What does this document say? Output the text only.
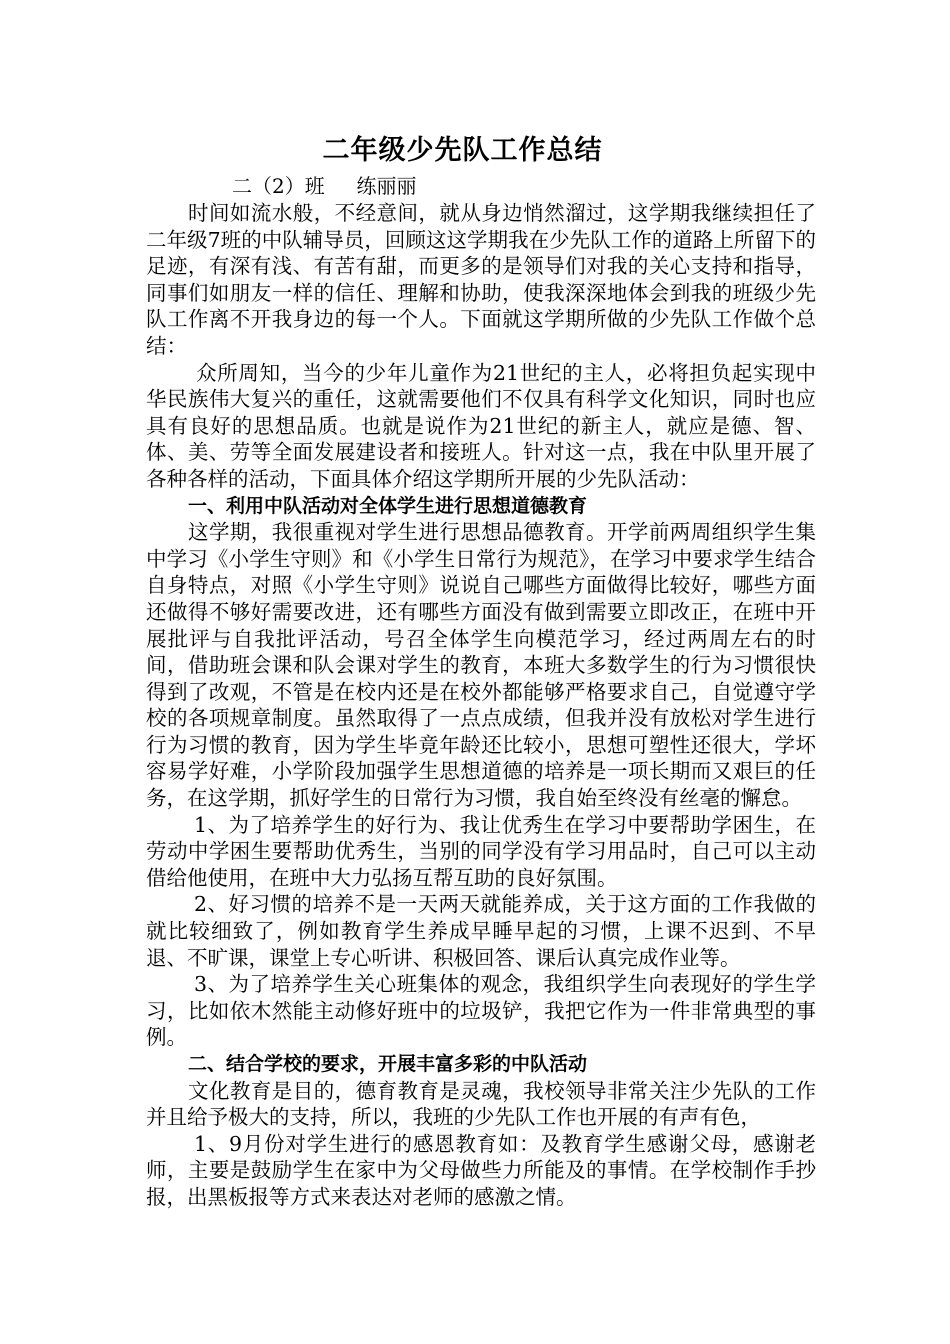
二年级少先队工作总结
二（2）班     练丽丽

时间如流水般，不经意间，就从身边悄然溜过，这学期我继续担任了二年级7班的中队辅导员，回顾这这学期我在少先队工作的道路上所留下的足迹，有深有浅、有苦有甜，而更多的是领导们对我的关心支持和指导，同事们如朋友一样的信任、理解和协助，使我深深地体会到我的班级少先队工作离不开我身边的每一个人。下面就这学期所做的少先队工作做个总结：

众所周知，当今的少年儿童作为21世纪的主人，必将担负起实现中华民族伟大复兴的重任，这就需要他们不仅具有科学文化知识，同时也应具有良好的思想品质。也就是说作为21世纪的新主人，就应是德、智、体、美、劳等全面发展建设者和接班人。针对这一点，我在中队里开展了各种各样的活动，下面具体介绍这学期所开展的少先队活动：

一、利用中队活动对全体学生进行思想道德教育

这学期，我很重视对学生进行思想品德教育。开学前两周组织学生集中学习《小学生守则》和《小学生日常行为规范》，在学习中要求学生结合自身特点，对照《小学生守则》说说自己哪些方面做得比较好，哪些方面还做得不够好需要改进，还有哪些方面没有做到需要立即改正，在班中开展批评与自我批评活动，号召全体学生向模范学习，经过两周左右的时间，借助班会课和队会课对学生的教育，本班大多数学生的行为习惯很快得到了改观，不管是在校内还是在校外都能够严格要求自己，自觉遵守学校的各项规章制度。虽然取得了一点点成绩，但我并没有放松对学生进行行为习惯的教育，因为学生毕竟年龄还比较小，思想可塑性还很大，学坏容易学好难，小学阶段加强学生思想道德的培养是一项长期而又艰巨的任务，在这学期，抓好学生的日常行为习惯，我自始至终没有丝毫的懈怠。

1、为了培养学生的好行为、我让优秀生在学习中要帮助学困生，在劳动中学困生要帮助优秀生，当别的同学没有学习用品时，自己可以主动借给他使用，在班中大力弘扬互帮互助的良好氛围。

2、好习惯的培养不是一天两天就能养成，关于这方面的工作我做的就比较细致了，例如教育学生养成早睡早起的习惯，上课不迟到、不早退、不旷课，课堂上专心听讲、积极回答、课后认真完成作业等。

3、为了培养学生关心班集体的观念，我组织学生向表现好的学生学习，比如依木然能主动修好班中的垃圾铲，我把它作为一件非常典型的事例。

二、结合学校的要求，开展丰富多彩的中队活动

文化教育是目的，德育教育是灵魂，我校领导非常关注少先队的工作并且给予极大的支持，所以，我班的少先队工作也开展的有声有色，

1、9月份对学生进行的感恩教育如：及教育学生感谢父母，感谢老师，主要是鼓励学生在家中为父母做些力所能及的事情。在学校制作手抄报，出黑板报等方式来表达对老师的感激之情。
